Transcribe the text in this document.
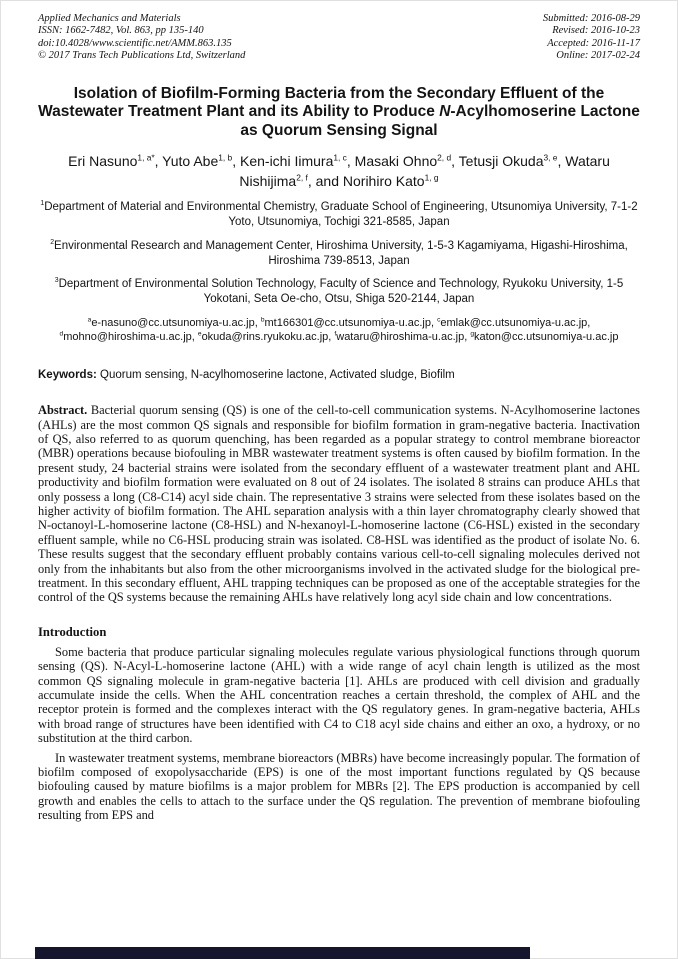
Applied Mechanics and Materials
ISSN: 1662-7482, Vol. 863, pp 135-140
doi:10.4028/www.scientific.net/AMM.863.135
© 2017 Trans Tech Publications Ltd, Switzerland
Submitted: 2016-08-29
Revised: 2016-10-23
Accepted: 2016-11-17
Online: 2017-02-24
Isolation of Biofilm-Forming Bacteria from the Secondary Effluent of the Wastewater Treatment Plant and its Ability to Produce N-Acylhomoserine Lactone as Quorum Sensing Signal
Eri Nasuno$^{1, a*}$, Yuto Abe$^{1, b}$, Ken-ichi Iimura$^{1, c}$, Masaki Ohno$^{2, d}$, Tetusji Okuda$^{3, e}$, Wataru Nishijima$^{2, f}$, and Norihiro Kato$^{1, g}$
$^1$Department of Material and Environmental Chemistry, Graduate School of Engineering, Utsunomiya University, 7-1-2 Yoto, Utsunomiya, Tochigi 321-8585, Japan
$^2$Environmental Research and Management Center, Hiroshima University, 1-5-3 Kagamiyama, Higashi-Hiroshima, Hiroshima 739-8513, Japan
$^3$Department of Environmental Solution Technology, Faculty of Science and Technology, Ryukoku University, 1-5 Yokotani, Seta Oe-cho, Otsu, Shiga 520-2144, Japan
$^a$e-nasuno@cc.utsunomiya-u.ac.jp, $^b$mt166301@cc.utsunomiya-u.ac.jp, $^c$emlak@cc.utsunomiya-u.ac.jp, $^d$mohno@hiroshima-u.ac.jp, $^e$okuda@rins.ryukoku.ac.jp, $^f$wataru@hiroshima-u.ac.jp, $^g$katon@cc.utsunomiya-u.ac.jp
Keywords: Quorum sensing, N-acylhomoserine lactone, Activated sludge, Biofilm

Abstract. Bacterial quorum sensing (QS) is one of the cell-to-cell communication systems. N-Acylhomoserine lactones (AHLs) are the most common QS signals and responsible for biofilm formation in gram-negative bacteria. Inactivation of QS, also referred to as quorum quenching, has been regarded as a popular strategy to control membrane bioreactor (MBR) operations because biofouling in MBR wastewater treatment systems is often caused by biofilm formation. In the present study, 24 bacterial strains were isolated from the secondary effluent of a wastewater treatment plant and AHL productivity and biofilm formation were evaluated on 8 out of 24 isolates. The isolated 8 strains can produce AHLs that only possess a long (C8-C14) acyl side chain. The representative 3 strains were selected from these isolates based on the higher activity of biofilm formation. The AHL separation analysis with a thin layer chromatography clearly showed that N-octanoyl-L-homoserine lactone (C8-HSL) and N-hexanoyl-L-homoserine lactone (C6-HSL) existed in the secondary effluent sample, while no C6-HSL producing strain was isolated. C8-HSL was identified as the product of isolate No. 6. These results suggest that the secondary effluent probably contains various cell-to-cell signaling molecules derived not only from the inhabitants but also from the other microorganisms involved in the activated sludge for the biological pre-treatment. In this secondary effluent, AHL trapping techniques can be proposed as one of the acceptable strategies for the control of the QS systems because the remaining AHLs have relatively long acyl side chain and low concentrations.

Introduction

Some bacteria that produce particular signaling molecules regulate various physiological functions through quorum sensing (QS). N-Acyl-L-homoserine lactone (AHL) with a wide range of acyl chain length is utilized as the most common QS signaling molecule in gram-negative bacteria [1]. AHLs are produced with cell division and gradually accumulate inside the cells. When the AHL concentration reaches a certain threshold, the complex of AHL and the receptor protein is formed and the complexes interact with the QS regulatory genes. In gram-negative bacteria, AHLs with broad range of structures have been identified with C4 to C18 acyl side chains and either an oxo, a hydroxy, or no substitution at the third carbon.

In wastewater treatment systems, membrane bioreactors (MBRs) have become increasingly popular. The formation of biofilm composed of exopolysaccharide (EPS) is one of the most important functions regulated by QS because biofouling caused by mature biofilms is a major problem for MBRs [2]. The EPS production is accompanied by cell growth and enables the cells to attach to the surface under the QS regulation. The prevention of membrane biofouling resulting from EPS and
